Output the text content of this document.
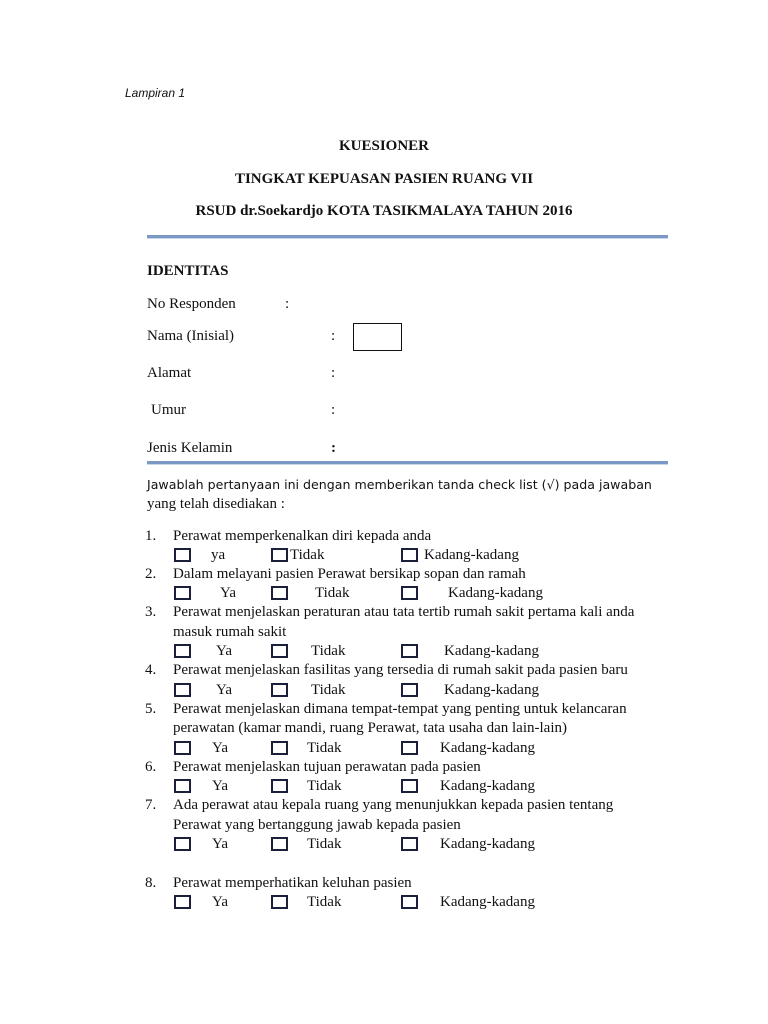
Lampiran 1
KUESIONER
TINGKAT KEPUASAN PASIEN RUANG VII
RSUD dr.Soekardjo KOTA TASIKMALAYA TAHUN 2016
IDENTITAS
No Responden	:
Nama (Inisial)	:
Alamat	:
Umur	:
Jenis Kelamin	:
Jawablah pertanyaan ini dengan memberikan tanda check list (√) pada jawaban
yang telah disediakan :
1. Perawat memperkenalkan diri kepada anda
ya	Tidak	Kadang-kadang
2. Dalam melayani pasien Perawat bersikap sopan dan ramah
Ya	Tidak	Kadang-kadang
3. Perawat menjelaskan peraturan atau tata tertib rumah sakit pertama kali anda
masuk rumah sakit
Ya	Tidak	Kadang-kadang
4. Perawat menjelaskan fasilitas yang tersedia di rumah sakit pada pasien baru
Ya	Tidak	Kadang-kadang
5. Perawat menjelaskan dimana tempat-tempat yang penting untuk kelancaran
perawatan (kamar mandi, ruang Perawat, tata usaha dan lain-lain)
Ya	Tidak	Kadang-kadang
6. Perawat menjelaskan tujuan perawatan pada pasien
Ya	Tidak	Kadang-kadang
7. Ada perawat atau kepala ruang yang menunjukkan kepada pasien tentang
Perawat yang bertanggung jawab kepada pasien
Ya	Tidak	Kadang-kadang
8. Perawat memperhatikan keluhan pasien
Ya	Tidak	Kadang-kadang
